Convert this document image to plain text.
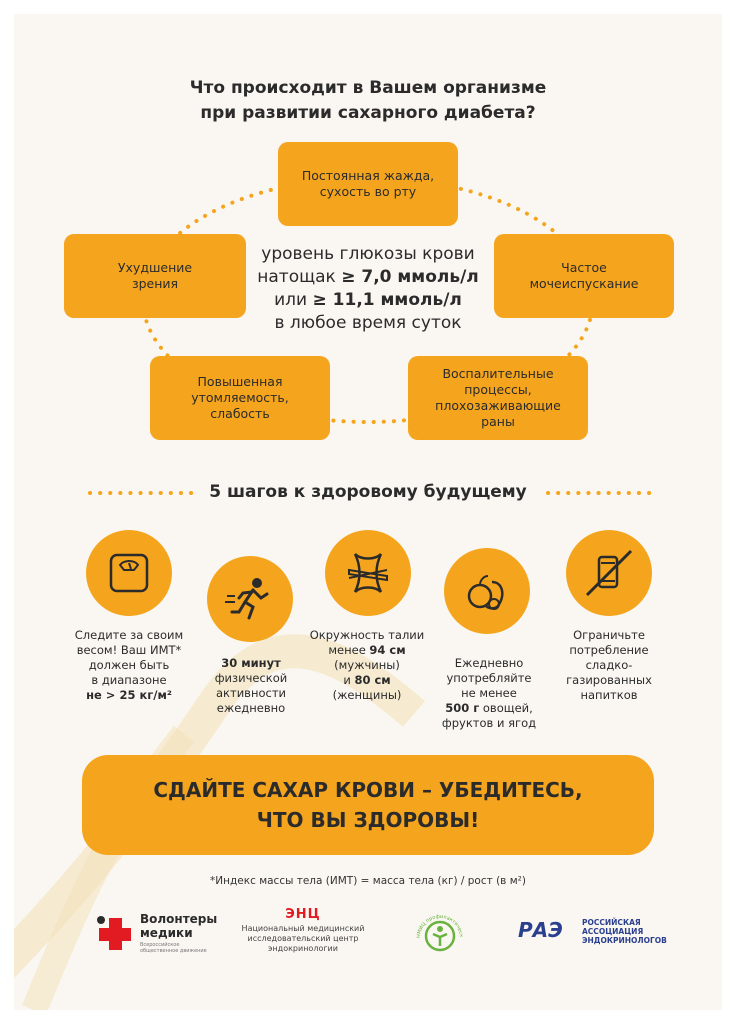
Что происходит в Вашем организме
при развитии сахарного диабета?
Постоянная жажда, сухость во рту
Ухудшение зрения
Частое мочеиспускание
Повышенная утомляемость, слабость
Воспалительные процессы, плохозаживающие раны
уровень глюкозы крови
натощак ≥ 7,0 ммоль/л
или ≥ 11,1 ммоль/л
в любое время суток
5 шагов к здоровому будущему
Следите за своим
весом! Ваш ИМТ*
должен быть
в диапазоне
не > 25 кг/м²
30 минут
физической
активности
ежедневно
Окружность талии
менее 94 см
(мужчины)
и 80 см
(женщины)
Ежедневно
употребляйте
не менее
500 г овощей,
фруктов и ягод
Ограничьте
потребление
сладко-
газированных
напитков
СДАЙТЕ САХАР КРОВИ – УБЕДИТЕСЬ,
ЧТО ВЫ ЗДОРОВЫ!
*Индекс массы тела (ИМТ) = масса тела (кг) / рост (в м²)
Волонтеры
медики
Всероссийское
общественное движение
ЭНЦ
Национальный медицинский
исследовательский центр
эндокринологии
НМИЦ профилактическ	РАЭ	РОССИЙСКАЯ
АССОЦИАЦИЯ
ЭНДОКРИНОЛОГОВ
